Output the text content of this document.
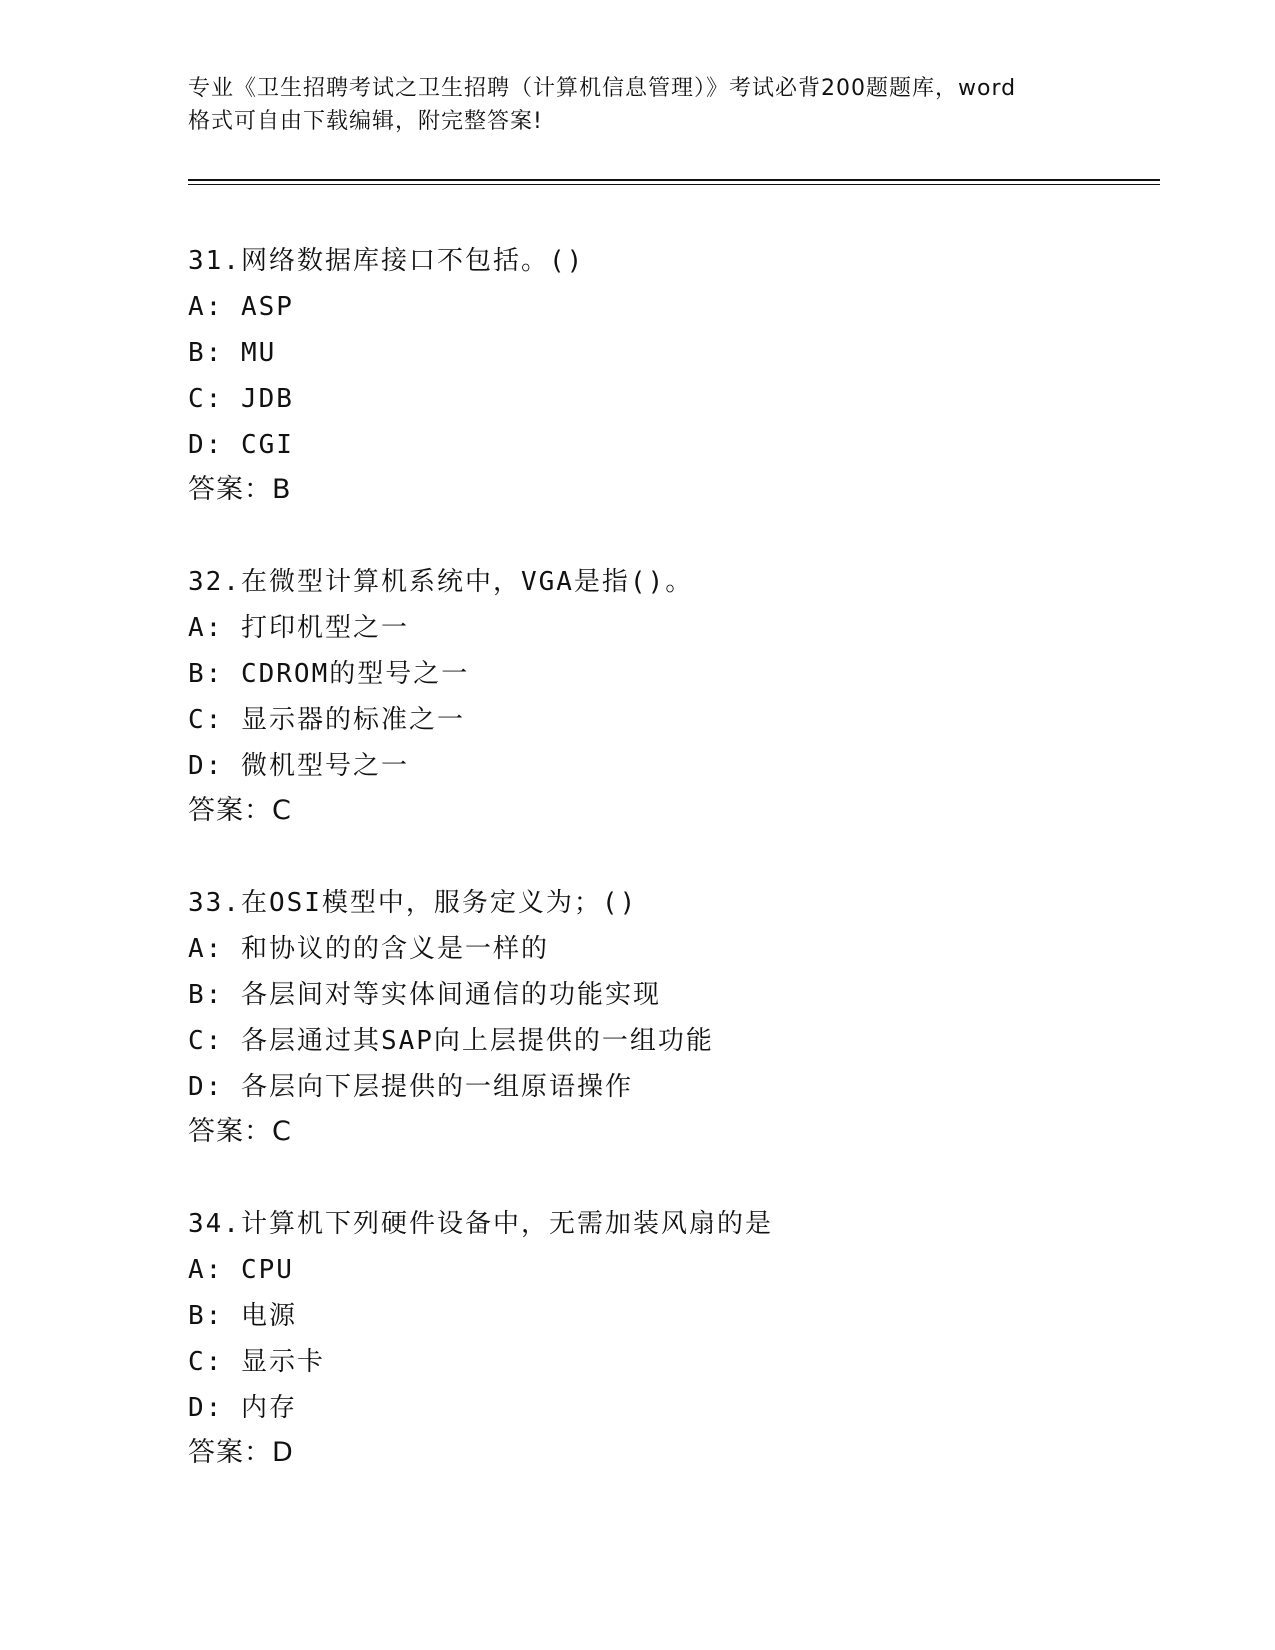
专业《卫生招聘考试之卫生招聘（计算机信息管理）》考试必背200题题库，word
格式可自由下载编辑，附完整答案!
31.网络数据库接口不包括。()
A: ASP
B: MU
C: JDB
D: CGI
答案：B
32.在微型计算机系统中，VGA是指()。
A: 打印机型之一
B: CDROM的型号之一
C: 显示器的标准之一
D: 微机型号之一
答案：C
33.在OSI模型中，服务定义为；()
A: 和协议的的含义是一样的
B: 各层间对等实体间通信的功能实现
C: 各层通过其SAP向上层提供的一组功能
D: 各层向下层提供的一组原语操作
答案：C
34.计算机下列硬件设备中，无需加装风扇的是
A: CPU
B: 电源
C: 显示卡
D: 内存
答案：D
